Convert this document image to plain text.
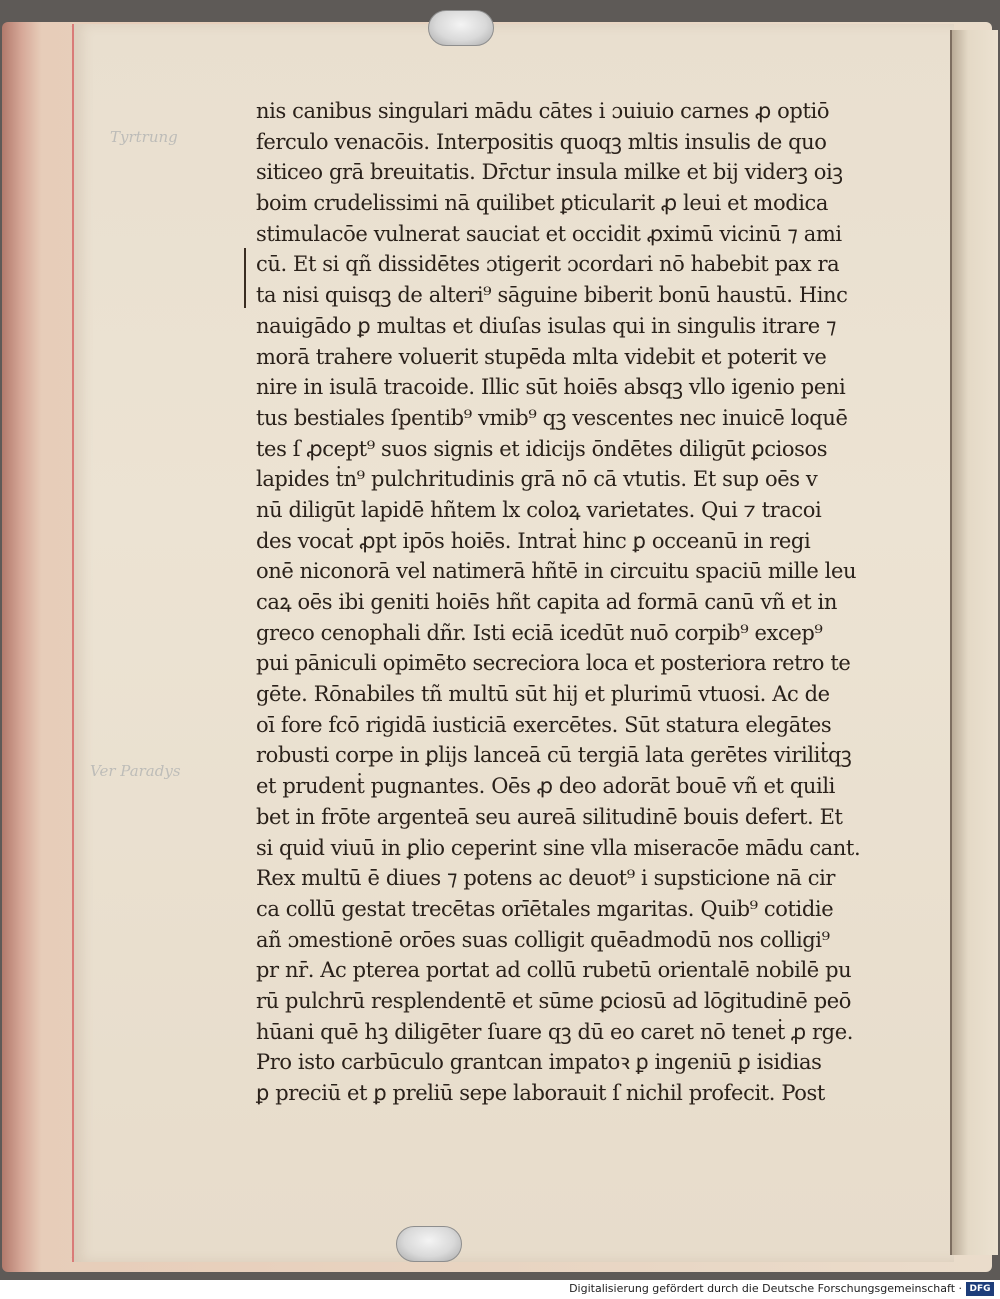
Tyrtrung
Ver Paradys
nis canibus singulari mādu cātes i ɔuiuio carnes ꝓ optiō
ferculo venacōis. Interpositis quoqꝫ mltis insulis de quo
siticeo grā breuitatis. Dr̄ctur insula milke et bij viderꝫ oiꝫ
boim crudelissimi nā quilibet ꝑticularit ꝓ leui et modica
stimulacōe vulnerat sauciat et occidit ꝓximū vicinū ⁊ ami
cū. Et si qñ dissidētes ɔtigerit ɔcordari nō habebit pax ra
ta nisi quisqꝫ de alteri⁹ sāguine biberit bonū haustū. Hinc
nauigādo ꝑ multas et diuſas isulas qui in singulis itrare ⁊
morā trahere voluerit stupēda mlta videbit et poterit ve
nire in isulā tracoide. Illic sūt hoiēs absqꝫ vllo igenio peni
tus bestiales ſpentib⁹ vmib⁹ qꝫ vescentes nec inuicē loquē
tes ſ ꝓcept⁹ suos signis et idicijs ōndētes diligūt ꝑciosos
lapides ṫn⁹ pulchritudinis grā nō cā vtutis. Et sup oēs v
nū diligūt lapidē hñtem lx coloꝝ varietates. Qui ⁊ tracoi
des vocaṫ ꝓpt ipōs hoiēs. Intraṫ hinc ꝑ occeanū in regi
onē niconorā vel natimerā hñtē in circuitu spaciū mille leu
caꝝ oēs ibi geniti hoiēs hñt capita ad formā canū vñ et in
greco cenophali dñr. Isti eciā icedūt nuō corpib⁹ excep⁹
pui pāniculi opimēto secreciora loca et posteriora retro te
gēte. Rōnabiles tñ multū sūt hij et plurimū vtuosi. Ac de
oī fore fcō rigidā iusticiā exercētes. Sūt statura elegātes
robusti corpe in ꝑlijs lanceā cū tergiā lata gerētes viriliṫqꝫ
et prudenṫ pugnantes. Oēs ꝓ deo adorāt bouē vñ et quili
bet in frōte argenteā seu aureā silitudinē bouis defert. Et
si quid viuū in ꝑlio ceperint sine vlla miseracōe mādu cant.
Rex multū ē diues ⁊ potens ac deuot⁹ i supsticione nā cir
ca collū gestat trecētas orīētales mgaritas. Quib⁹ cotidie
añ ɔmestionē orōes suas colligit quēadmodū nos colligi⁹
pr nr̄. Ac pterea portat ad collū rubetū orientalē nobilē pu
rū pulchrū resplendentē et sūme ꝑciosū ad lōgitudinē peō
hūani quē hꝫ diligēter ſuare qꝫ dū eo caret nō teneṫ ꝓ rge.
Pro isto carbūculo grantcan impatoꝛ ꝑ ingeniū ꝑ isidias
ꝑ preciū et ꝑ preliū sepe laborauit ſ nichil profecit. Post
Digitalisierung gefördert durch die Deutsche Forschungsgemeinschaft · DFG
